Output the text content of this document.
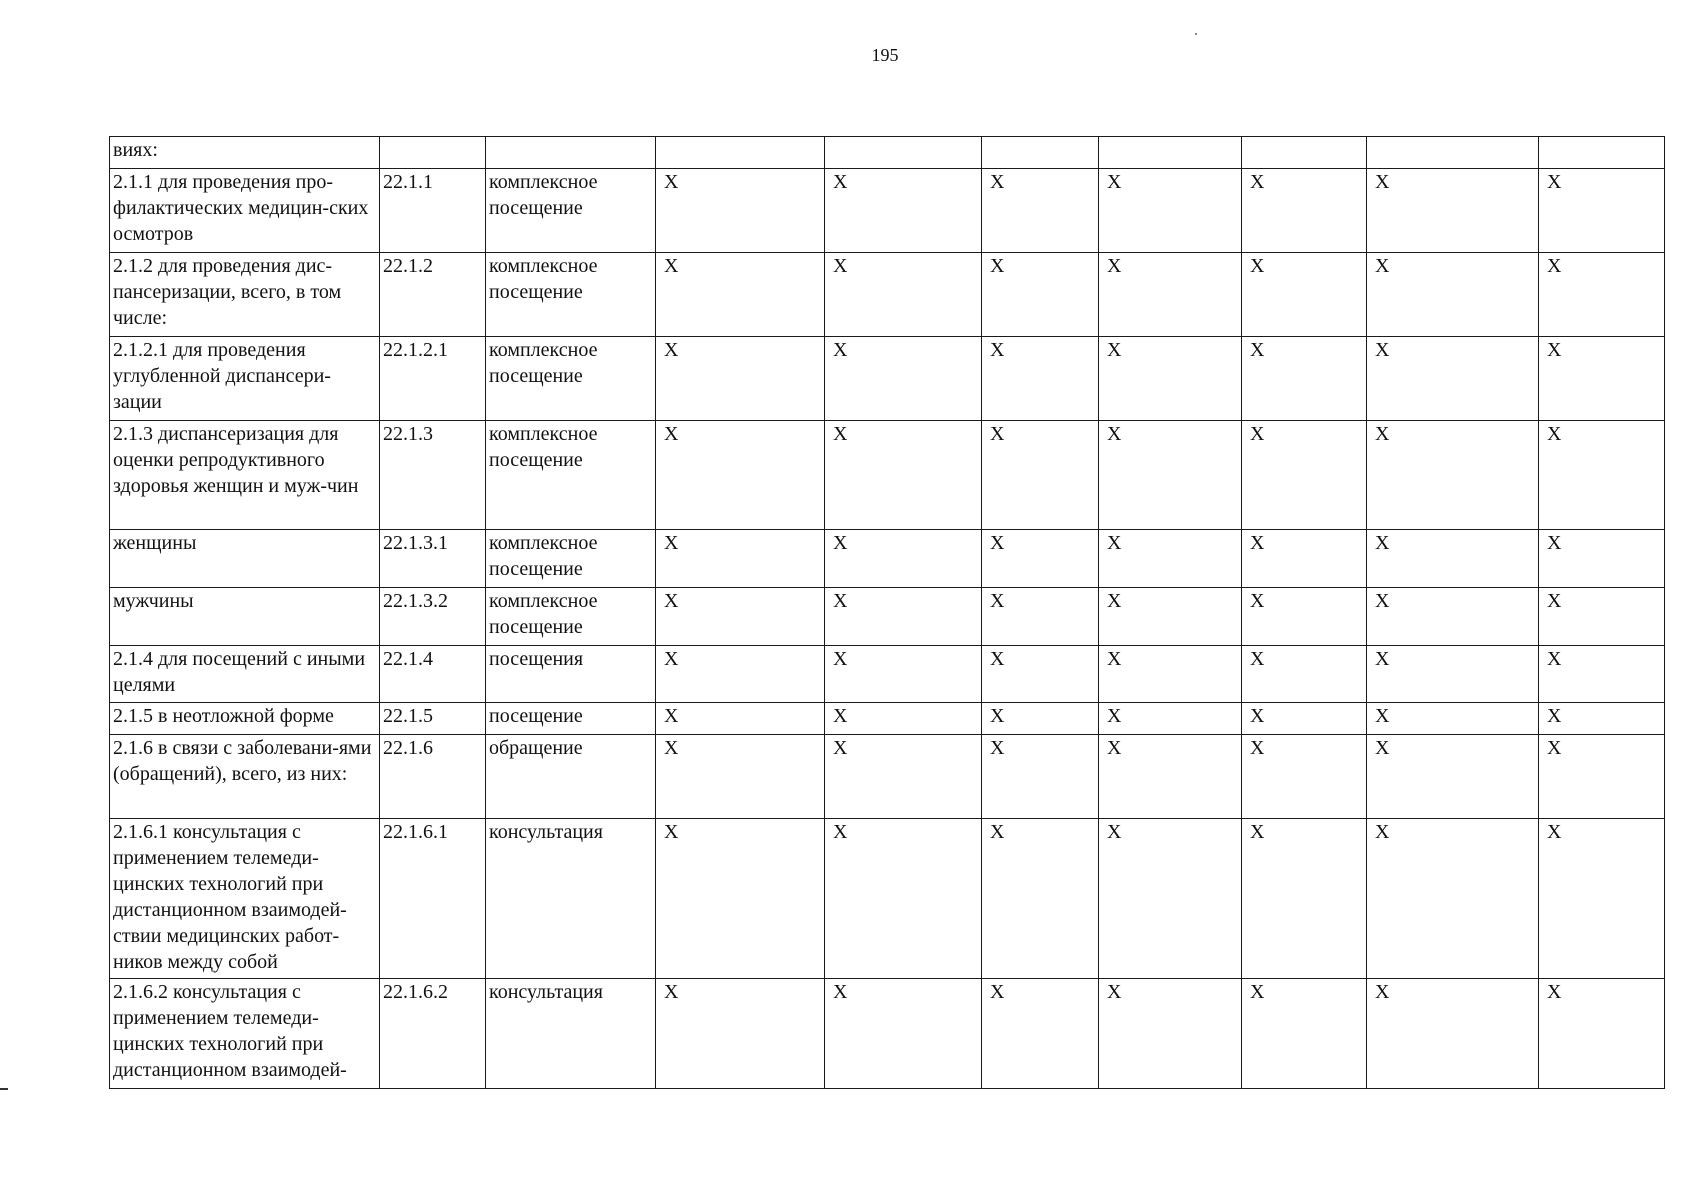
195
виях:									
2.1.1 для проведения про-филактических медицин-ских осмотров	22.1.1	комплексное посещение	Х	Х	Х	Х	Х	Х	Х
2.1.2 для проведения дис-пансеризации, всего, в том числе:	22.1.2	комплексное посещение	Х	Х	Х	Х	Х	Х	Х
2.1.2.1 для проведения углубленной диспансери-зации	22.1.2.1	комплексное посещение	Х	Х	Х	Х	Х	Х	Х
2.1.3 диспансеризация для оценки репродуктивного здоровья женщин и муж-чин	22.1.3	комплексное посещение	Х	Х	Х	Х	Х	Х	Х
женщины	22.1.3.1	комплексное посещение	Х	Х	Х	Х	Х	Х	Х
мужчины	22.1.3.2	комплексное посещение	Х	Х	Х	Х	Х	Х	Х
2.1.4 для посещений с иными целями	22.1.4	посещения	Х	Х	Х	Х	Х	Х	Х
2.1.5 в неотложной форме	22.1.5	посещение	Х	Х	Х	Х	Х	Х	Х
2.1.6 в связи с заболевани-ями (обращений), всего, из них:	22.1.6	обращение	Х	Х	Х	Х	Х	Х	Х
2.1.6.1 консультация с применением телемеди-цинских технологий при дистанционном взаимодей-ствии медицинских работ-ников между собой	22.1.6.1	консультация	Х	Х	Х	Х	Х	Х	Х
2.1.6.2 консультация с применением телемеди-цинских технологий при дистанционном взаимодей-	22.1.6.2	консультация	Х	Х	Х	Х	Х	Х	Х
